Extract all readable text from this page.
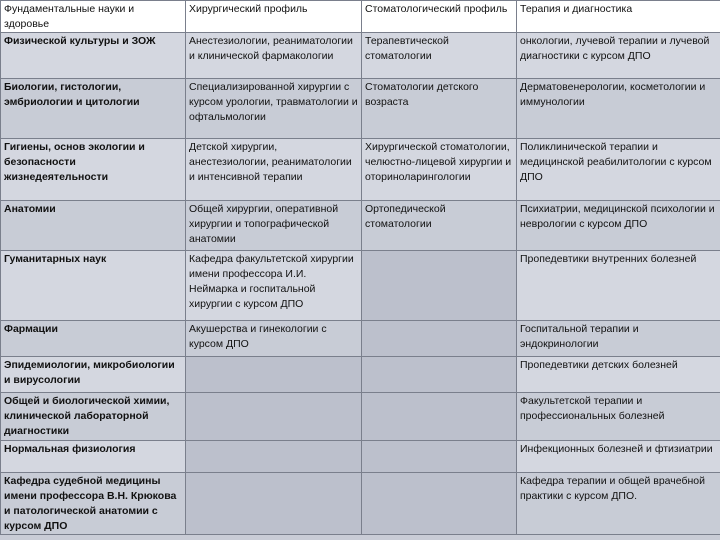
Фундаментальные науки и здоровье	Хирургический профиль	Стоматологический профиль	Терапия и диагностика
Физической культуры и ЗОЖ	Анестезиологии, реаниматологии и клинической фармакологии	Терапевтической стоматологии	онкологии, лучевой терапии и лучевой диагностики с курсом ДПО
Биологии, гистологии, эмбриологии и цитологии	Специализированной хирургии с курсом урологии, травматологии и офтальмологии	Стоматологии детского возраста	Дерматовенерологии, косметологии и иммунологии
Гигиены, основ экологии и безопасности жизнедеятельности	Детской хирургии, анестезиологии, реаниматологии и интенсивной терапии	Хирургической стоматологии, челюстно-лицевой хирургии и оториноларингологии	Поликлинической терапии и медицинской реабилитологии с курсом ДПО
Анатомии	Общей хирургии, оперативной хирургии и топографической анатомии	Ортопедической стоматологии	Психиатрии, медицинской психологии и неврологии с курсом ДПО
Гуманитарных наук	Кафедра факультетской хирургии имени профессора И.И. Неймарка и госпитальной хирургии с курсом ДПО		Пропедевтики внутренних болезней
Фармации	Акушерства и гинекологии с курсом ДПО		Госпитальной терапии и эндокринологии
Эпидемиологии, микробиологии и вирусологии			Пропедевтики детских болезней
Общей и биологической химии, клинической лабораторной диагностики			Факультетской терапии и профессиональных болезней
Нормальная физиология			Инфекционных болезней и фтизиатрии
Кафедра судебной медицины имени профессора В.Н. Крюкова и патологической анатомии с курсом ДПО			Кафедра терапии и общей врачебной практики с курсом ДПО.
